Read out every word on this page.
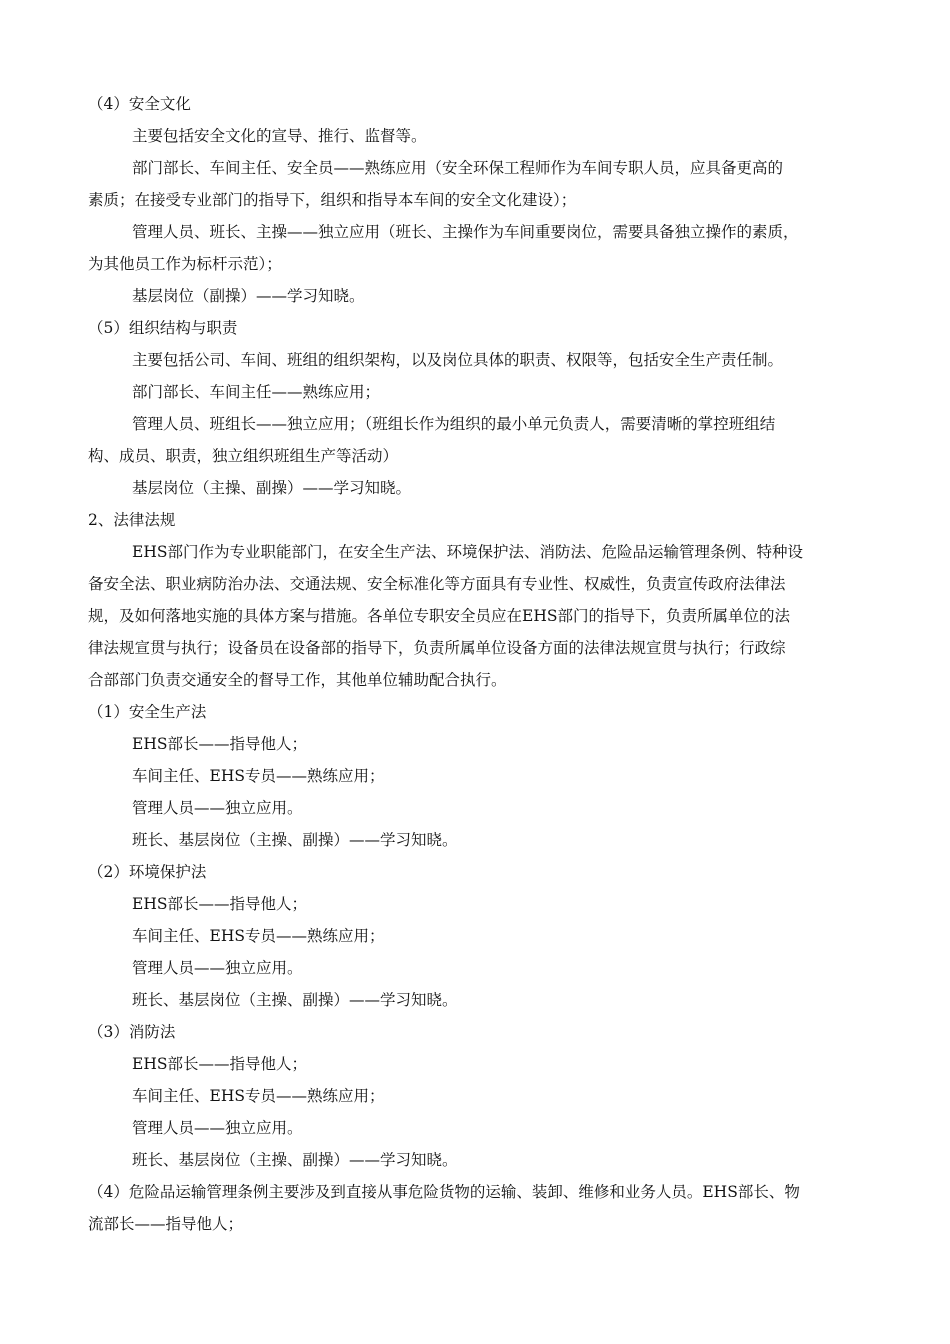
（4）安全文化

主要包括安全文化的宣导、推行、监督等。

部门部长、车间主任、安全员——熟练应用（安全环保工程师作为车间专职人员，应具备更高的

素质；在接受专业部门的指导下，组织和指导本车间的安全文化建设）；

管理人员、班长、主操——独立应用（班长、主操作为车间重要岗位，需要具备独立操作的素质，

为其他员工作为标杆示范）；

基层岗位（副操）——学习知晓。

（5）组织结构与职责

主要包括公司、车间、班组的组织架构，以及岗位具体的职责、权限等，包括安全生产责任制。

部门部长、车间主任——熟练应用；

管理人员、班组长——独立应用；（班组长作为组织的最小单元负责人，需要清晰的掌控班组结

构、成员、职责，独立组织班组生产等活动）

基层岗位（主操、副操）——学习知晓。

2、法律法规

EHS部门作为专业职能部门，在安全生产法、环境保护法、消防法、危险品运输管理条例、特种设

备安全法、职业病防治办法、交通法规、安全标准化等方面具有专业性、权威性，负责宣传政府法律法

规，及如何落地实施的具体方案与措施。各单位专职安全员应在EHS部门的指导下，负责所属单位的法

律法规宣贯与执行；设备员在设备部的指导下，负责所属单位设备方面的法律法规宣贯与执行；行政综

合部部门负责交通安全的督导工作，其他单位辅助配合执行。

（1）安全生产法

EHS部长——指导他人；

车间主任、EHS专员——熟练应用；

管理人员——独立应用。

班长、基层岗位（主操、副操）——学习知晓。

（2）环境保护法

EHS部长——指导他人；

车间主任、EHS专员——熟练应用；

管理人员——独立应用。

班长、基层岗位（主操、副操）——学习知晓。

（3）消防法

EHS部长——指导他人；

车间主任、EHS专员——熟练应用；

管理人员——独立应用。

班长、基层岗位（主操、副操）——学习知晓。

（4）危险品运输管理条例主要涉及到直接从事危险货物的运输、装卸、维修和业务人员。EHS部长、物

流部长——指导他人；
